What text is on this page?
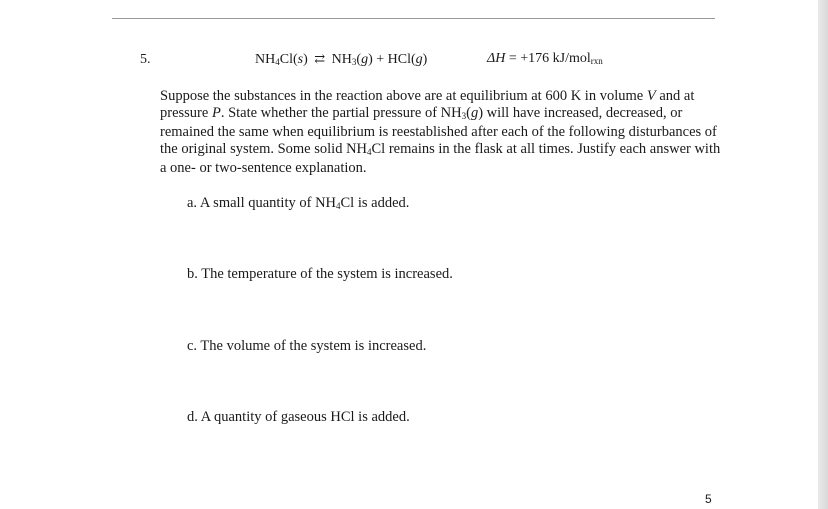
5.	$NH_4Cl(s)$ ⇄ $NH_3(g) + HCl(g)$	ΔH = +176 kJ/mol$_{rxn}$
Suppose the substances in the reaction above are at equilibrium at 600 K in volume V and at pressure P. State whether the partial pressure of $NH_3(g)$ will have increased, decreased, or remained the same when equilibrium is reestablished after each of the following disturbances of the original system. Some solid $NH_4Cl$ remains in the flask at all times. Justify each answer with a one- or two-sentence explanation.
a. A small quantity of $NH_4Cl$ is added.
b. The temperature of the system is increased.
c. The volume of the system is increased.
d. A quantity of gaseous HCl is added.
5
